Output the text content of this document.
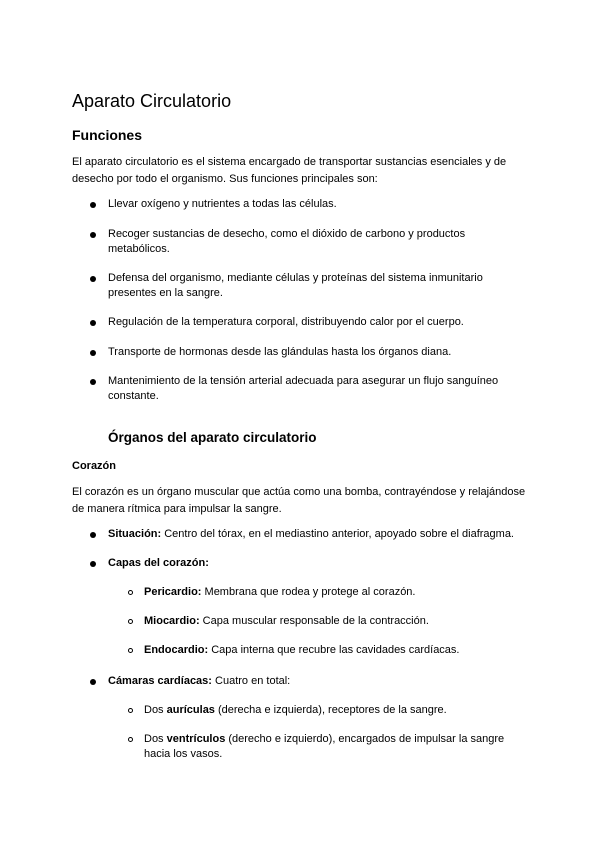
Aparato Circulatorio
Funciones

El aparato circulatorio es el sistema encargado de transportar sustancias esenciales y de desecho por todo el organismo. Sus funciones principales son:

Llevar oxígeno y nutrientes a todas las células.

Recoger sustancias de desecho, como el dióxido de carbono y productos metabólicos.

Defensa del organismo, mediante células y proteínas del sistema inmunitario presentes en la sangre.

Regulación de la temperatura corporal, distribuyendo calor por el cuerpo.

Transporte de hormonas desde las glándulas hasta los órganos diana.

Mantenimiento de la tensión arterial adecuada para asegurar un flujo sanguíneo constante.

Órganos del aparato circulatorio
Corazón

El corazón es un órgano muscular que actúa como una bomba, contrayéndose y relajándose de manera rítmica para impulsar la sangre.

Situación: Centro del tórax, en el mediastino anterior, apoyado sobre el diafragma.

Capas del corazón:

Pericardio: Membrana que rodea y protege al corazón.

Miocardio: Capa muscular responsable de la contracción.

Endocardio: Capa interna que recubre las cavidades cardíacas.

Cámaras cardíacas: Cuatro en total:

Dos aurículas (derecha e izquierda), receptores de la sangre.

Dos ventrículos (derecho e izquierdo), encargados de impulsar la sangre hacia los vasos.
